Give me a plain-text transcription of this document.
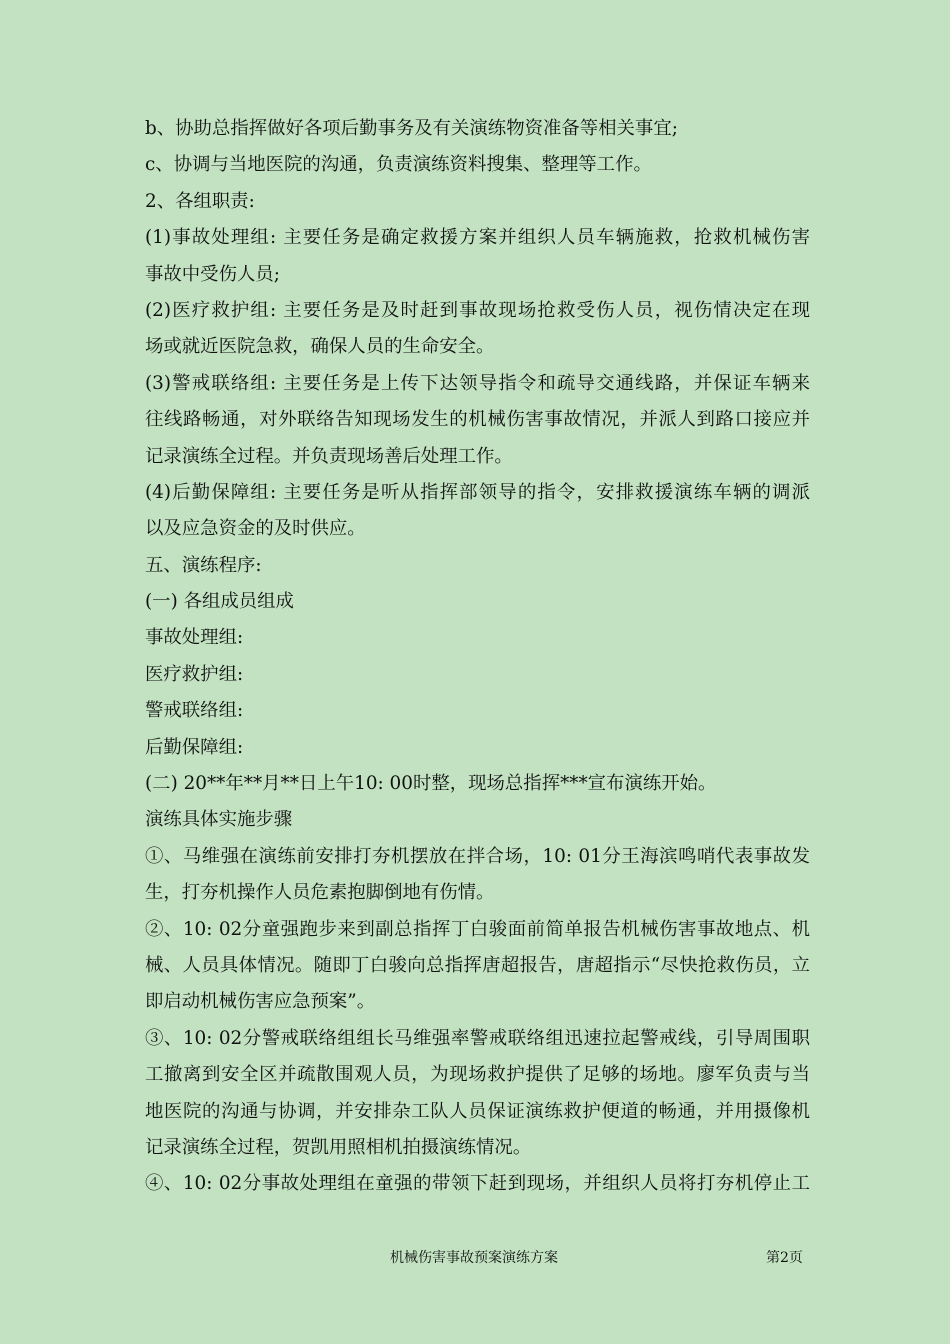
b、协助总指挥做好各项后勤事务及有关演练物资准备等相关事宜;
c、协调与当地医院的沟通，负责演练资料搜集、整理等工作。
2、各组职责:
(1)事故处理组: 主要任务是确定救援方案并组织人员车辆施救，抢救机械伤害
事故中受伤人员;
(2)医疗救护组: 主要任务是及时赶到事故现场抢救受伤人员，视伤情决定在现
场或就近医院急救，确保人员的生命安全。
(3)警戒联络组: 主要任务是上传下达领导指令和疏导交通线路，并保证车辆来
往线路畅通，对外联络告知现场发生的机械伤害事故情况，并派人到路口接应并
记录演练全过程。并负责现场善后处理工作。
(4)后勤保障组: 主要任务是听从指挥部领导的指令，安排救援演练车辆的调派
以及应急资金的及时供应。
五、演练程序:
(一) 各组成员组成
事故处理组:
医疗救护组:
警戒联络组:
后勤保障组:
(二) 20**年**月**日上午10: 00时整，现场总指挥***宣布演练开始。
演练具体实施步骤
①、马维强在演练前安排打夯机摆放在拌合场，10: 01分王海滨鸣哨代表事故发
生，打夯机操作人员危素抱脚倒地有伤情。
②、10: 02分童强跑步来到副总指挥丁白骏面前简单报告机械伤害事故地点、机
械、人员具体情况。随即丁白骏向总指挥唐超报告，唐超指示“尽快抢救伤员，立
即启动机械伤害应急预案”。
③、10: 02分警戒联络组组长马维强率警戒联络组迅速拉起警戒线，引导周围职
工撤离到安全区并疏散围观人员，为现场救护提供了足够的场地。廖军负责与当
地医院的沟通与协调，并安排杂工队人员保证演练救护便道的畅通，并用摄像机
记录演练全过程，贺凯用照相机拍摄演练情况。
④、10: 02分事故处理组在童强的带领下赶到现场，并组织人员将打夯机停止工
机械伤害事故预案演练方案	第2页
